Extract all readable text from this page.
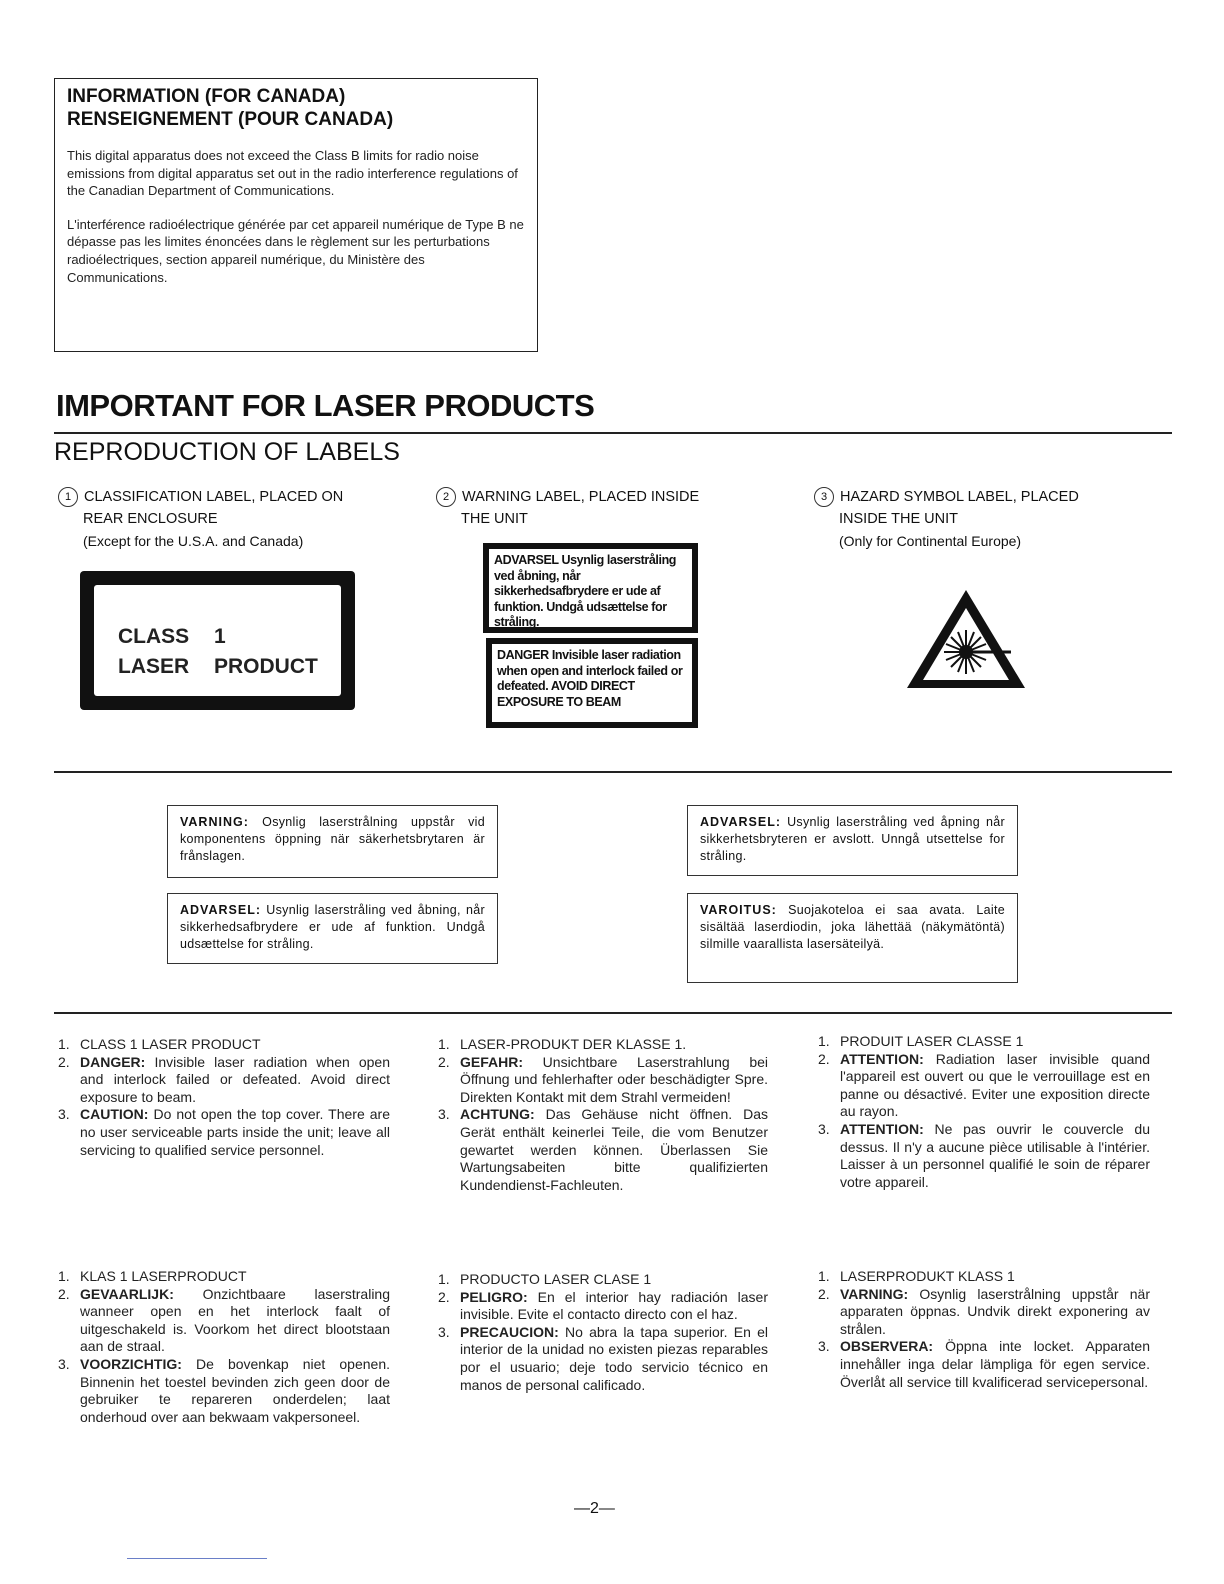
INFORMATION (FOR CANADA)
RENSEIGNEMENT (POUR CANADA)

This digital apparatus does not exceed the Class B limits for radio noise emissions from digital apparatus set out in the radio interference regulations of the Canadian Department of Communications.

L'interférence radioélectrique générée par cet appareil numérique de Type B ne dépasse pas les limites énoncées dans le règlement sur les perturbations radioélectriques, section appareil numérique, du Ministère des Communications.

IMPORTANT FOR LASER PRODUCTS
REPRODUCTION OF LABELS
1 CLASSIFICATION LABEL, PLACED ON
REAR ENCLOSURE
(Except for the U.S.A. and Canada)
2 WARNING LABEL, PLACED INSIDE
THE UNIT
3 HAZARD SYMBOL LABEL, PLACED
INSIDE THE UNIT
(Only for Continental Europe)
CLASS 1
LASER PRODUCT
ADVARSEL Usynlig laserstråling ved åbning, når sikkerhedsafbrydere er ude af funktion. Undgå udsættelse for stråling.
DANGER Invisible laser radiation when open and interlock failed or defeated. AVOID DIRECT EXPOSURE TO BEAM
VARNING: Osynlig laserstrålning uppstår vid komponentens öppning när säkerhetsbrytaren är frånslagen.
ADVARSEL: Usynlig laserstråling ved åbning, når sikkerhedsafbrydere er ude af funktion. Undgå udsættelse for stråling.
ADVARSEL: Usynlig laserstråling ved åpning når sikkerhetsbryteren er avslott. Unngå utsettelse for stråling.
VAROITUS: Suojakoteloa ei saa avata. Laite sisältää laserdiodin, joka lähettää (näkymätöntä) silmille vaarallista lasersäteilyä.
1. CLASS 1 LASER PRODUCT
2. DANGER: Invisible laser radiation when open and interlock failed or defeated. Avoid direct exposure to beam.
3. CAUTION: Do not open the top cover. There are no user serviceable parts inside the unit; leave all servicing to qualified service personnel.
1. LASER-PRODUKT DER KLASSE 1.
2. GEFAHR: Unsichtbare Laserstrahlung bei Öffnung und fehlerhafter oder beschädigter Spre. Direkten Kontakt mit dem Strahl vermeiden!
3. ACHTUNG: Das Gehäuse nicht öffnen. Das Gerät enthält keinerlei Teile, die vom Benutzer gewartet werden können. Überlassen Sie Wartungsabeiten bitte qualifizierten Kundendienst-Fachleuten.
1. PRODUIT LASER CLASSE 1
2. ATTENTION: Radiation laser invisible quand l'appareil est ouvert ou que le verrouillage est en panne ou désactivé. Eviter une exposition directe au rayon.
3. ATTENTION: Ne pas ouvrir le couvercle du dessus. Il n'y a aucune pièce utilisable à l'intérier. Laisser à un personnel qualifié le soin de réparer votre appareil.
1. KLAS 1 LASERPRODUCT
2. GEVAARLIJK: Onzichtbaare laserstraling wanneer open en het interlock faalt of uitgeschakeld is. Voorkom het direct blootstaan aan de straal.
3. VOORZICHTIG: De bovenkap niet openen. Binnenin het toestel bevinden zich geen door de gebruiker te repareren onderdelen; laat onderhoud over aan bekwaam vakpersoneel.
1. PRODUCTO LASER CLASE 1
2. PELIGRO: En el interior hay radiación laser invisible. Evite el contacto directo con el haz.
3. PRECAUCION: No abra la tapa superior. En el interior de la unidad no existen piezas reparables por el usuario; deje todo servicio técnico en manos de personal calificado.
1. LASERPRODUKT KLASS 1
2. VARNING: Osynlig laserstrålning uppstår när apparaten öppnas. Undvik direkt exponering av strålen.
3. OBSERVERA: Öppna inte locket. Apparaten innehåller inga delar lämpliga för egen service. Överlåt all service till kvalificerad servicepersonal.
—2—
